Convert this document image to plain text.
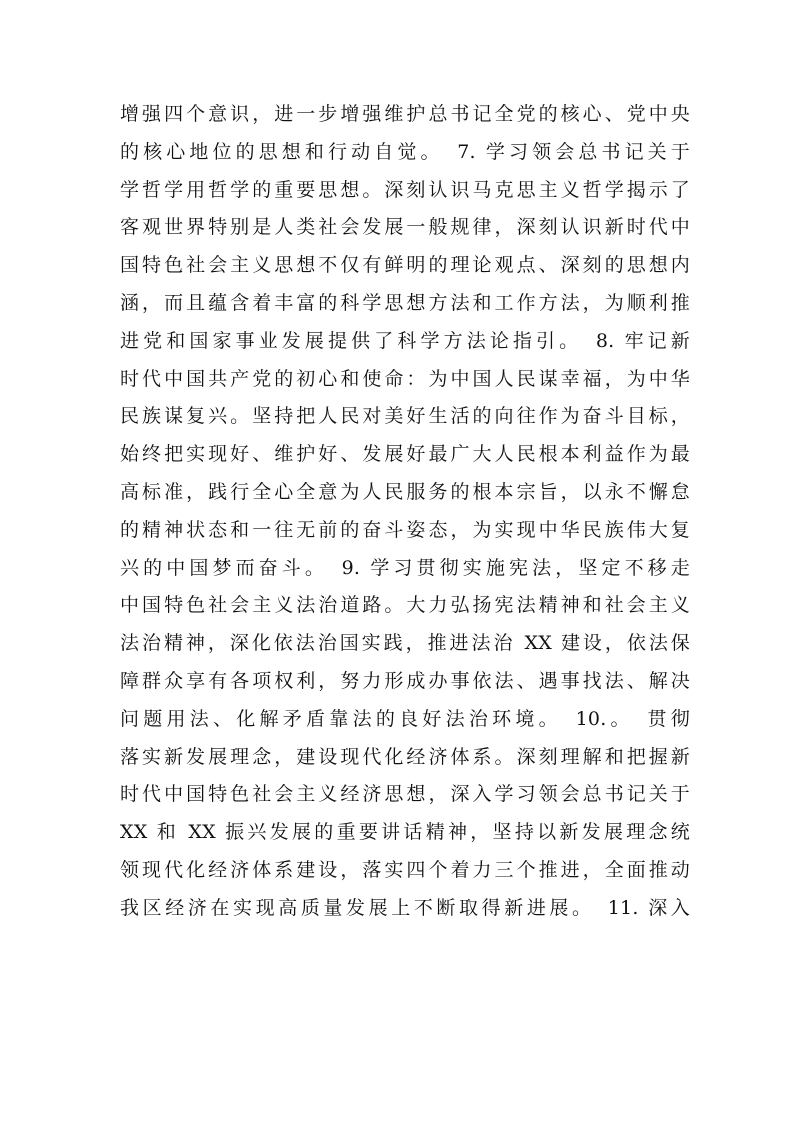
增强四个意识，进一步增强维护总书记全党的核心、党中央
的核心地位的思想和行动自觉。　7. 学习领会总书记关于
学哲学用哲学的重要思想。深刻认识马克思主义哲学揭示了
客观世界特别是人类社会发展一般规律，深刻认识新时代中
国特色社会主义思想不仅有鲜明的理论观点、深刻的思想内
涵，而且蕴含着丰富的科学思想方法和工作方法，为顺利推
进党和国家事业发展提供了科学方法论指引。　8. 牢记新
时代中国共产党的初心和使命：为中国人民谋幸福，为中华
民族谋复兴。坚持把人民对美好生活的向往作为奋斗目标，
始终把实现好、维护好、发展好最广大人民根本利益作为最
高标准，践行全心全意为人民服务的根本宗旨，以永不懈怠
的精神状态和一往无前的奋斗姿态，为实现中华民族伟大复
兴的中国梦而奋斗。　9. 学习贯彻实施宪法，坚定不移走
中国特色社会主义法治道路。大力弘扬宪法精神和社会主义
法治精神，深化依法治国实践，推进法治 XX 建设，依法保
障群众享有各项权利，努力形成办事依法、遇事找法、解决
问题用法、化解矛盾靠法的良好法治环境。　10.。　贯彻
落实新发展理念，建设现代化经济体系。深刻理解和把握新
时代中国特色社会主义经济思想，深入学习领会总书记关于
XX 和 XX 振兴发展的重要讲话精神，坚持以新发展理念统
领现代化经济体系建设，落实四个着力三个推进，全面推动
我区经济在实现高质量发展上不断取得新进展。　11. 深入
